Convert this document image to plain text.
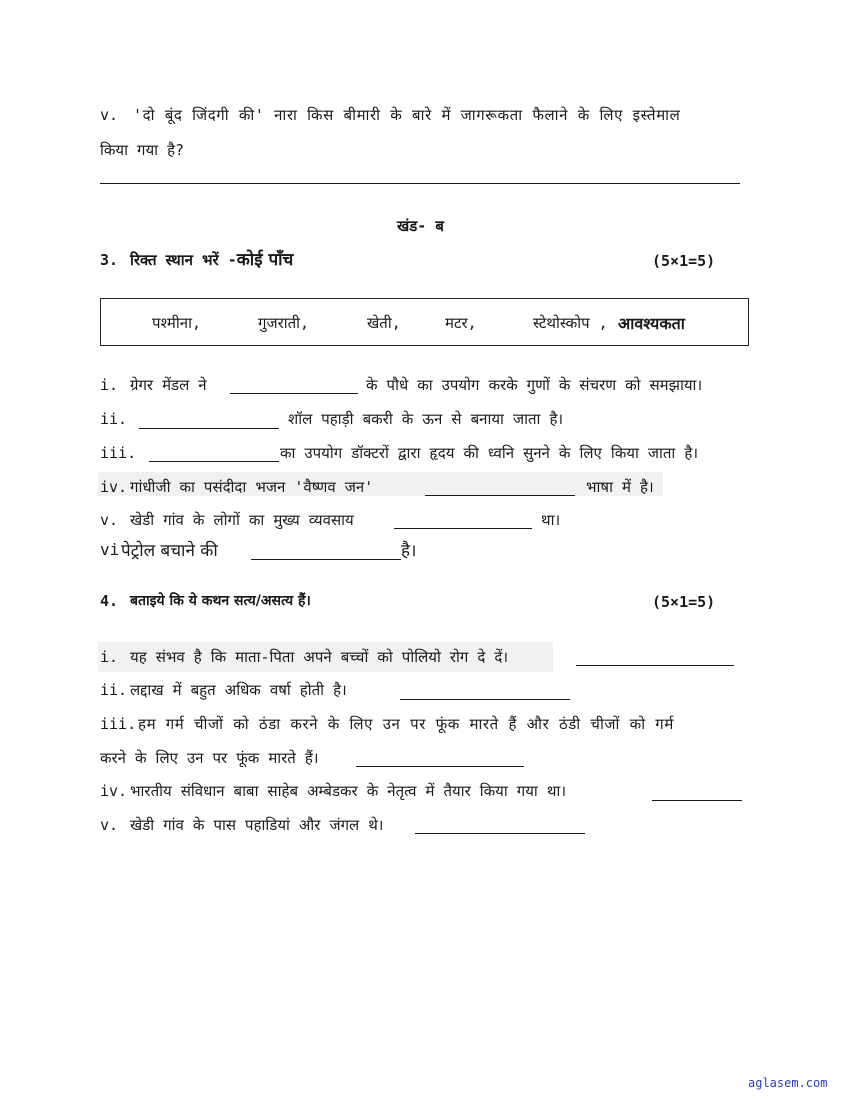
v. 'दो बूंद जिंदगी की' नारा किस बीमारी के बारे में जागरूकता फैलाने के लिए इस्तेमाल
किया गया है?
खंड- ब
3. रिक्त स्थान भरें -कोई पाँच	(5×1=5)
पश्मीना,	गुजराती,	खेती,	मटर,	स्टेथोस्कोप , आवश्यकता
i. ग्रेगर मेंडल ने	के पौधे का उपयोग करके गुणों के संचरण को समझाया।
ii.	शॉल पहाड़ी बकरी के ऊन से बनाया जाता है।
iii.	का उपयोग डॉक्टरों द्वारा हृदय की ध्वनि सुनने के लिए किया जाता है।
iv. गांधीजी का पसंदीदा भजन 'वैष्णव जन'	भाषा में है।
v. खेडी गांव के लोगों का मुख्य व्यवसाय	था।
vi पेट्रोल बचाने की	है।
4. बताइये कि ये कथन सत्य/असत्य हैं।	(5×1=5)
i. यह संभव है कि माता-पिता अपने बच्चों को पोलियो रोग दे दें।
ii. लद्दाख में बहुत अधिक वर्षा होती है।
iii. हम गर्म चीजों को ठंडा करने के लिए उन पर फूंक मारते हैं और ठंडी चीजों को गर्म
करने के लिए उन पर फूंक मारते हैं।
iv. भारतीय संविधान बाबा साहेब अम्बेडकर के नेतृत्व में तैयार किया गया था।
v. खेडी गांव के पास पहाडियां और जंगल थे।
aglasem.com
